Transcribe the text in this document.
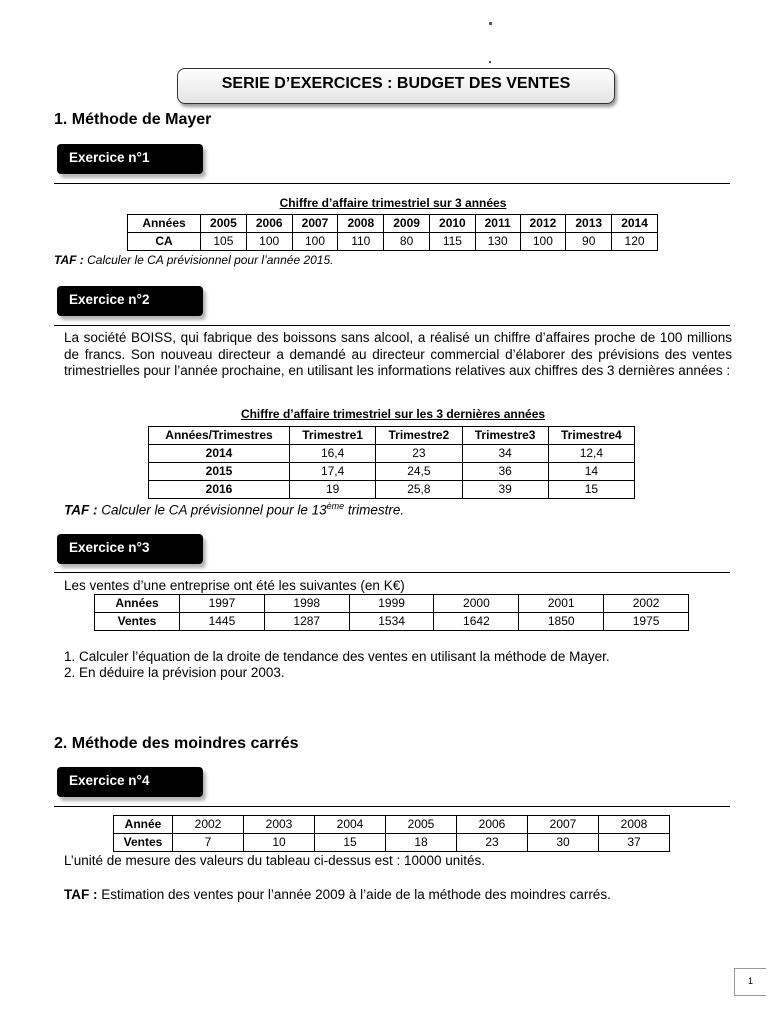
SERIE D’EXERCICES : BUDGET DES VENTES
1. Méthode de Mayer
Exercice n°1
Chiffre d’affaire trimestriel sur 3 années
Années	2005	2006	2007	2008	2009	2010	2011	2012	2013	2014
CA	105	100	100	110	80	115	130	100	90	120
TAF : Calculer le CA prévisionnel pour l’année 2015.
Exercice n°2
La société BOISS, qui fabrique des boissons sans alcool, a réalisé un chiffre d’affaires proche de 100 millions de francs. Son nouveau directeur a demandé au directeur commercial d’élaborer des prévisions des ventes trimestrielles pour l’année prochaine, en utilisant les informations relatives aux chiffres des 3 dernières années :
Chiffre d’affaire trimestriel sur les 3 dernières années
Années/Trimestres	Trimestre1	Trimestre2	Trimestre3	Trimestre4
2014	16,4	23	34	12,4
2015	17,4	24,5	36	14
2016	19	25,8	39	15
TAF : Calculer le CA prévisionnel pour le 13ème trimestre.
Exercice n°3
Les ventes d’une entreprise ont été les suivantes (en K€)
Années	1997	1998	1999	2000	2001	2002
Ventes	1445	1287	1534	1642	1850	1975
1. Calculer l’équation de la droite de tendance des ventes en utilisant la méthode de Mayer.
2. En déduire la prévision pour 2003.
2. Méthode des moindres carrés
Exercice n°4
Année	2002	2003	2004	2005	2006	2007	2008
Ventes	7	10	15	18	23	30	37
L’unité de mesure des valeurs du tableau ci-dessus est : 10000 unités.
TAF : Estimation des ventes pour l’année 2009 à l’aide de la méthode des moindres carrés.
1
